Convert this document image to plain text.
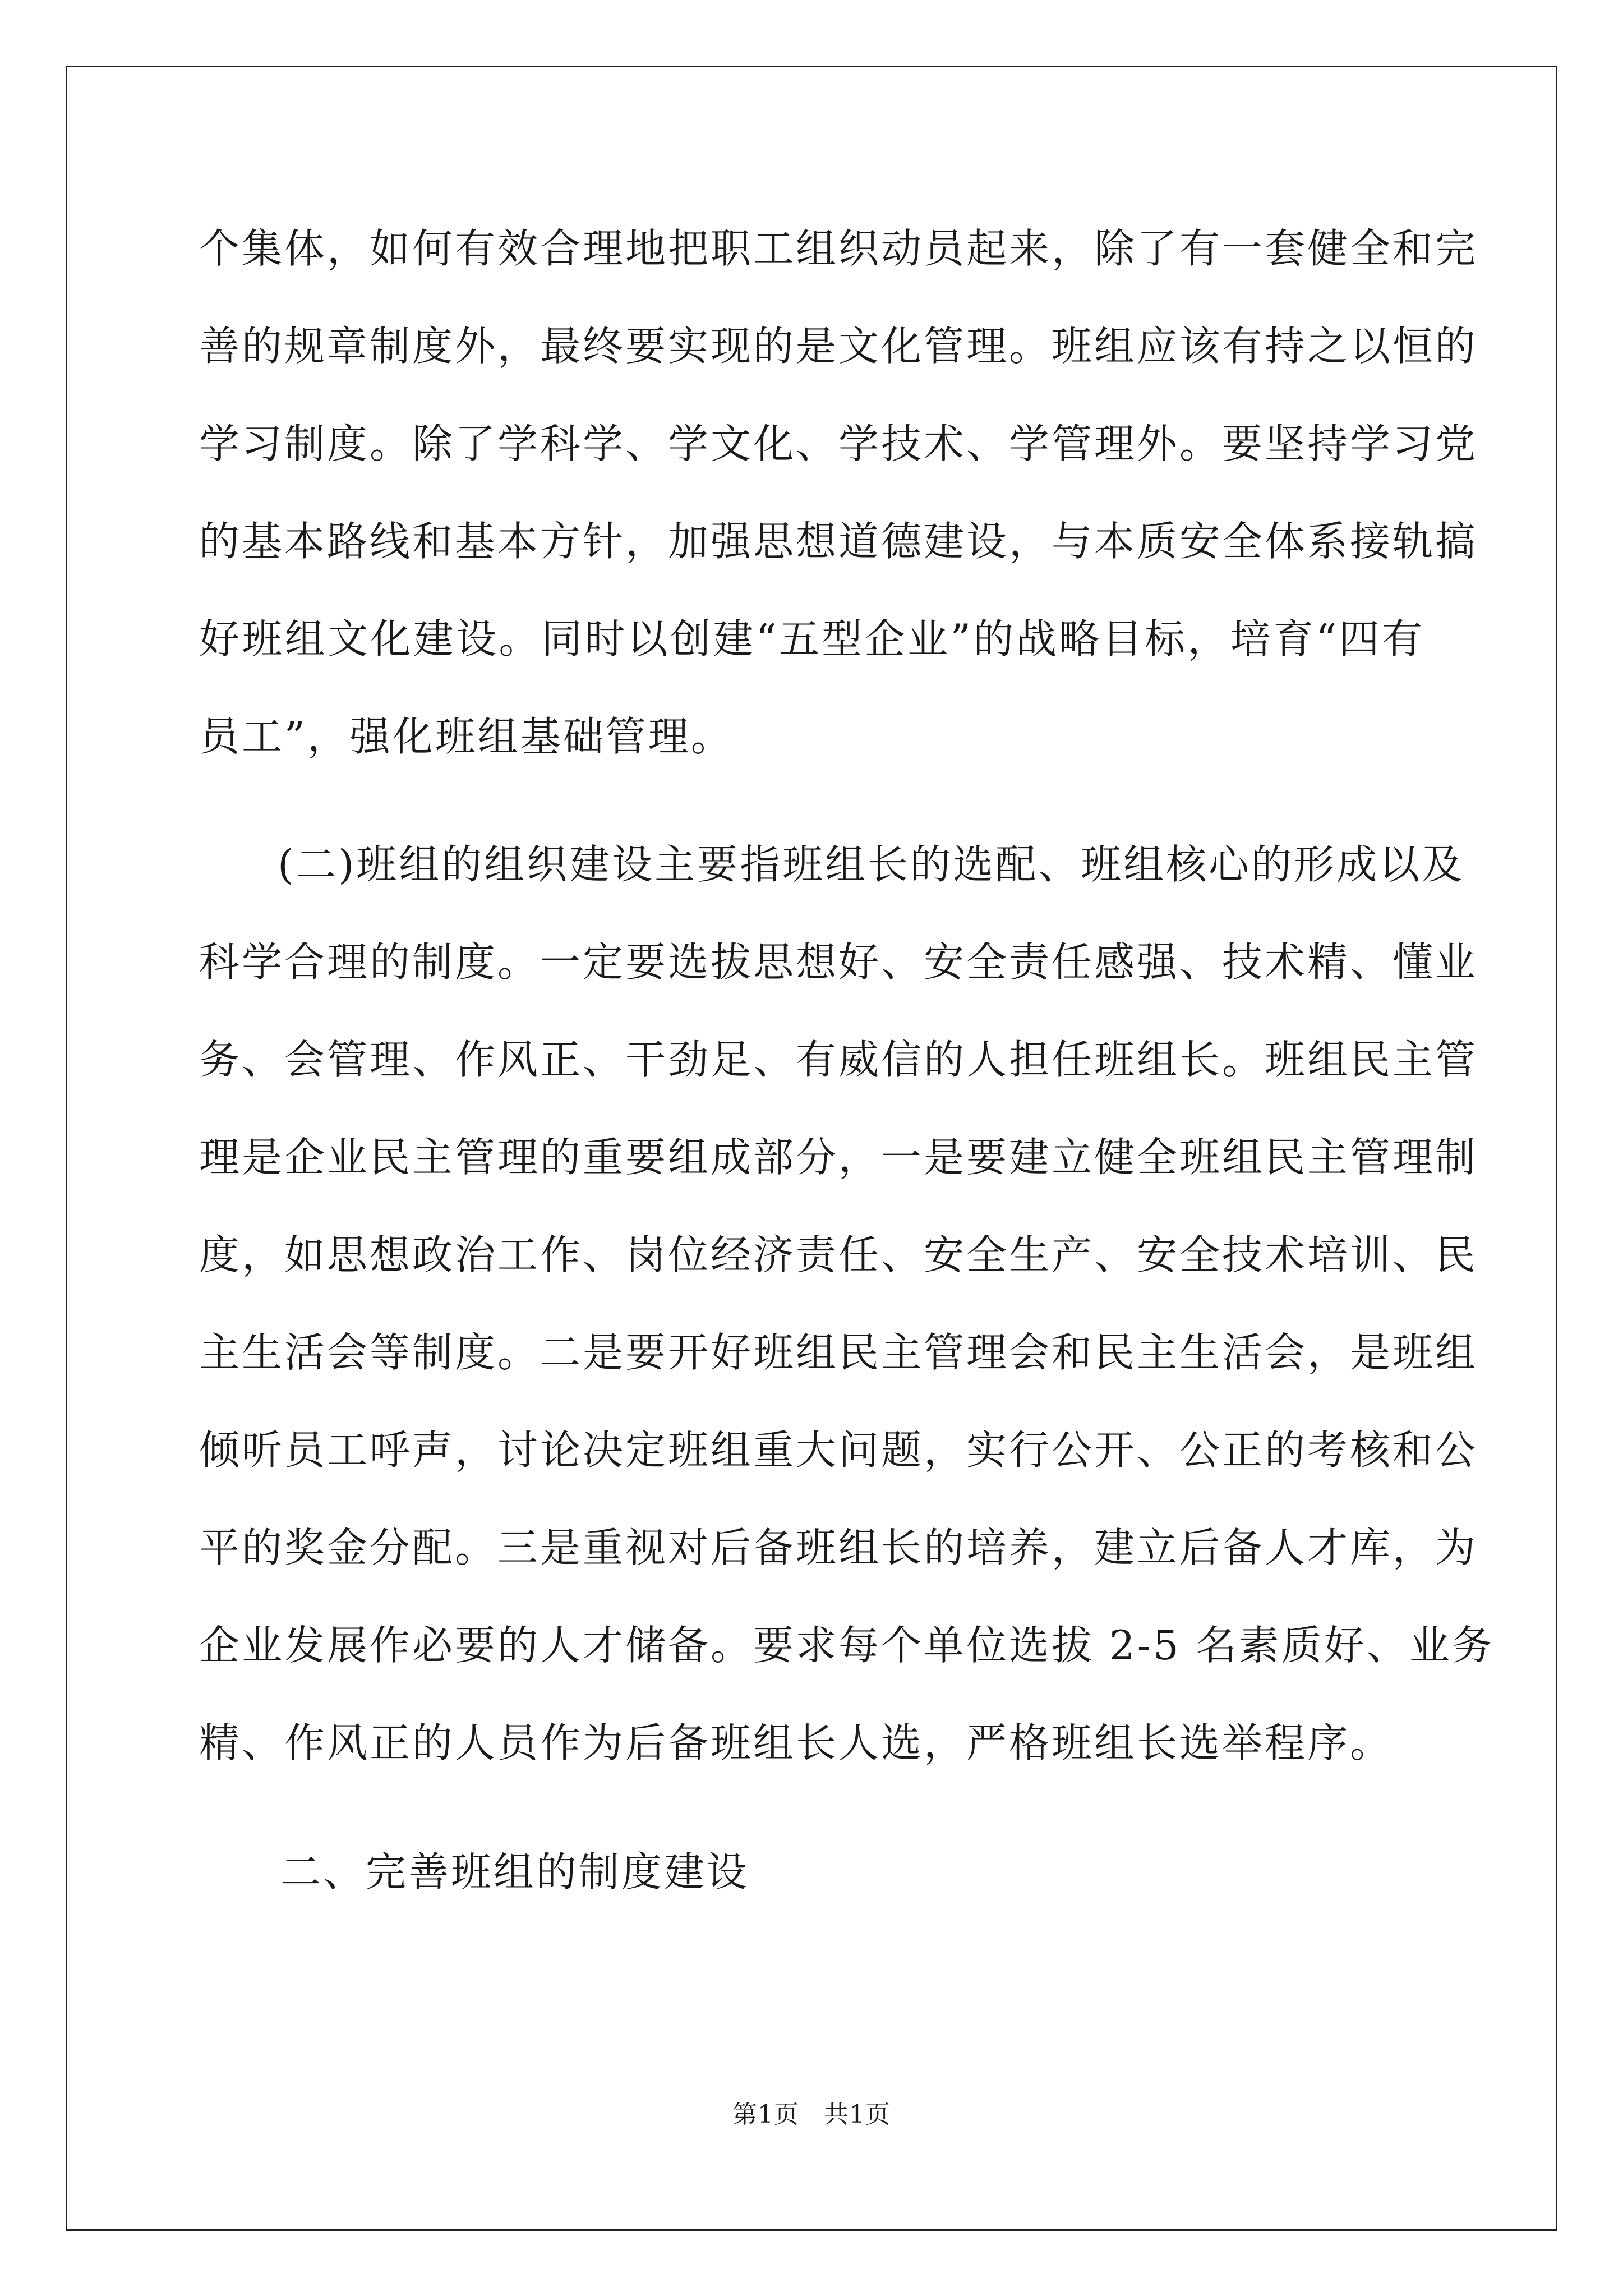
个集体，如何有效合理地把职工组织动员起来，除了有一套健全和完
善的规章制度外，最终要实现的是文化管理。班组应该有持之以恒的
学习制度。除了学科学、学文化、学技术、学管理外。要坚持学习党
的基本路线和基本方针，加强思想道德建设，与本质安全体系接轨搞
好班组文化建设。同时以创建“五型企业”的战略目标，培育“四有
员工”，强化班组基础管理。
(二)班组的组织建设主要指班组长的选配、班组核心的形成以及
科学合理的制度。一定要选拔思想好、安全责任感强、技术精、懂业
务、会管理、作风正、干劲足、有威信的人担任班组长。班组民主管
理是企业民主管理的重要组成部分，一是要建立健全班组民主管理制
度，如思想政治工作、岗位经济责任、安全生产、安全技术培训、民
主生活会等制度。二是要开好班组民主管理会和民主生活会，是班组
倾听员工呼声，讨论决定班组重大问题，实行公开、公正的考核和公
平的奖金分配。三是重视对后备班组长的培养，建立后备人才库，为
企业发展作必要的人才储备。要求每个单位选拔 2-5 名素质好、业务
精、作风正的人员作为后备班组长人选，严格班组长选举程序。
二、完善班组的制度建设
第1页 共1页
